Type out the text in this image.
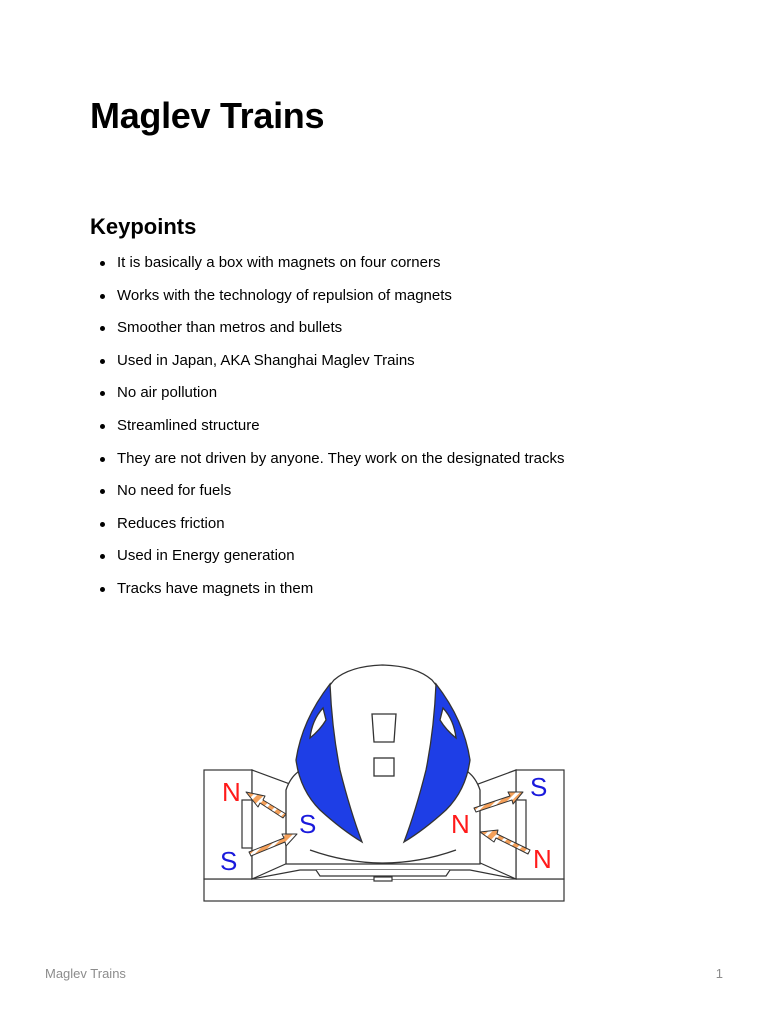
Maglev Trains
Keypoints
It is basically a box with magnets on four corners
Works with the technology of repulsion of magnets
Smoother than metros and bullets
Used in Japan, AKA Shanghai Maglev Trains
No air pollution
Streamlined structure
They are not driven by anyone. They work on the designated tracks
No need for fuels
Reduces friction
Used in Energy generation
Tracks have magnets in them
N
S
S	N
S
N
Maglev Trains	1
